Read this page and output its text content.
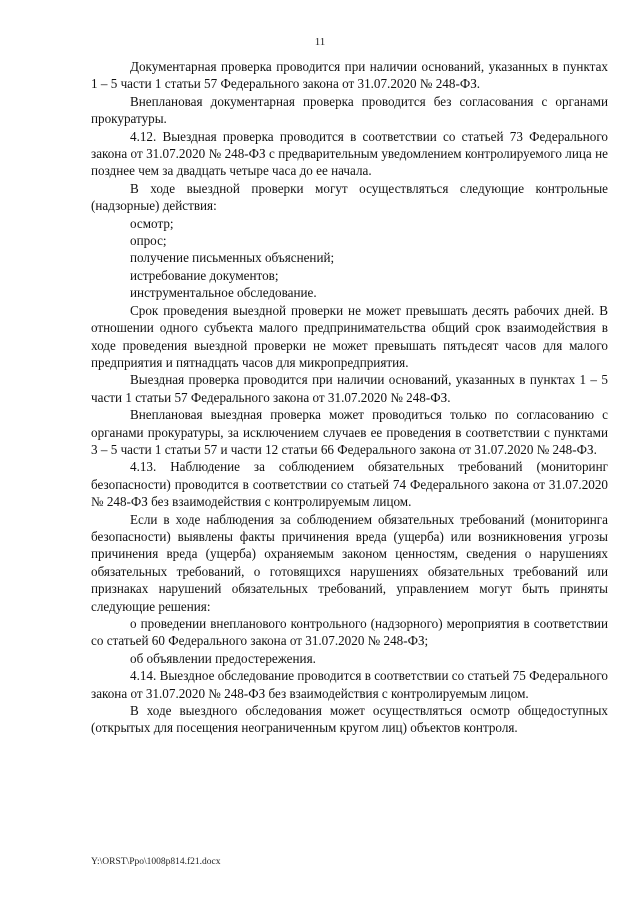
11

Документарная проверка проводится при наличии оснований, указанных в пунктах 1 – 5 части 1 статьи 57 Федерального закона от 31.07.2020 № 248-ФЗ.

Внеплановая документарная проверка проводится без согласования с органами прокуратуры.

4.12. Выездная проверка проводится в соответствии со статьей 73 Федерального закона от 31.07.2020 № 248-ФЗ с предварительным уведомлением контролируемого лица не позднее чем за двадцать четыре часа до ее начала.

В ходе выездной проверки могут осуществляться следующие контрольные (надзорные) действия:

осмотр;

опрос;

получение письменных объяснений;

истребование документов;

инструментальное обследование.

Срок проведения выездной проверки не может превышать десять рабочих дней. В отношении одного субъекта малого предпринимательства общий срок взаимодействия в ходе проведения выездной проверки не может превышать пятьдесят часов для малого предприятия и пятнадцать часов для микропредприятия.

Выездная проверка проводится при наличии оснований, указанных в пунктах 1 – 5 части 1 статьи 57 Федерального закона от 31.07.2020 № 248-ФЗ.

Внеплановая выездная проверка может проводиться только по согласованию с органами прокуратуры, за исключением случаев ее проведения в соответствии с пунктами 3 – 5 части 1 статьи 57 и части 12 статьи 66 Федерального закона от 31.07.2020 № 248-ФЗ.

4.13. Наблюдение за соблюдением обязательных требований (мониторинг безопасности) проводится в соответствии со статьей 74 Федерального закона от 31.07.2020 № 248-ФЗ без взаимодействия с контролируемым лицом.

Если в ходе наблюдения за соблюдением обязательных требований (мониторинга безопасности) выявлены факты причинения вреда (ущерба) или возникновения угрозы причинения вреда (ущерба) охраняемым законом ценностям, сведения о нарушениях обязательных требований, о готовящихся нарушениях обязательных требований или признаках нарушений обязательных требований, управлением могут быть приняты следующие решения:

о проведении внепланового контрольного (надзорного) мероприятия в соответствии со статьей 60 Федерального закона от 31.07.2020 № 248-ФЗ;

об объявлении предостережения.

4.14. Выездное обследование проводится в соответствии со статьей 75 Федерального закона от 31.07.2020 № 248-ФЗ без взаимодействия с контролируемым лицом.

В ходе выездного обследования может осуществляться осмотр общедоступных (открытых для посещения неограниченным кругом лиц) объектов контроля.

Y:\ORST\Ppo\1008p814.f21.docx
